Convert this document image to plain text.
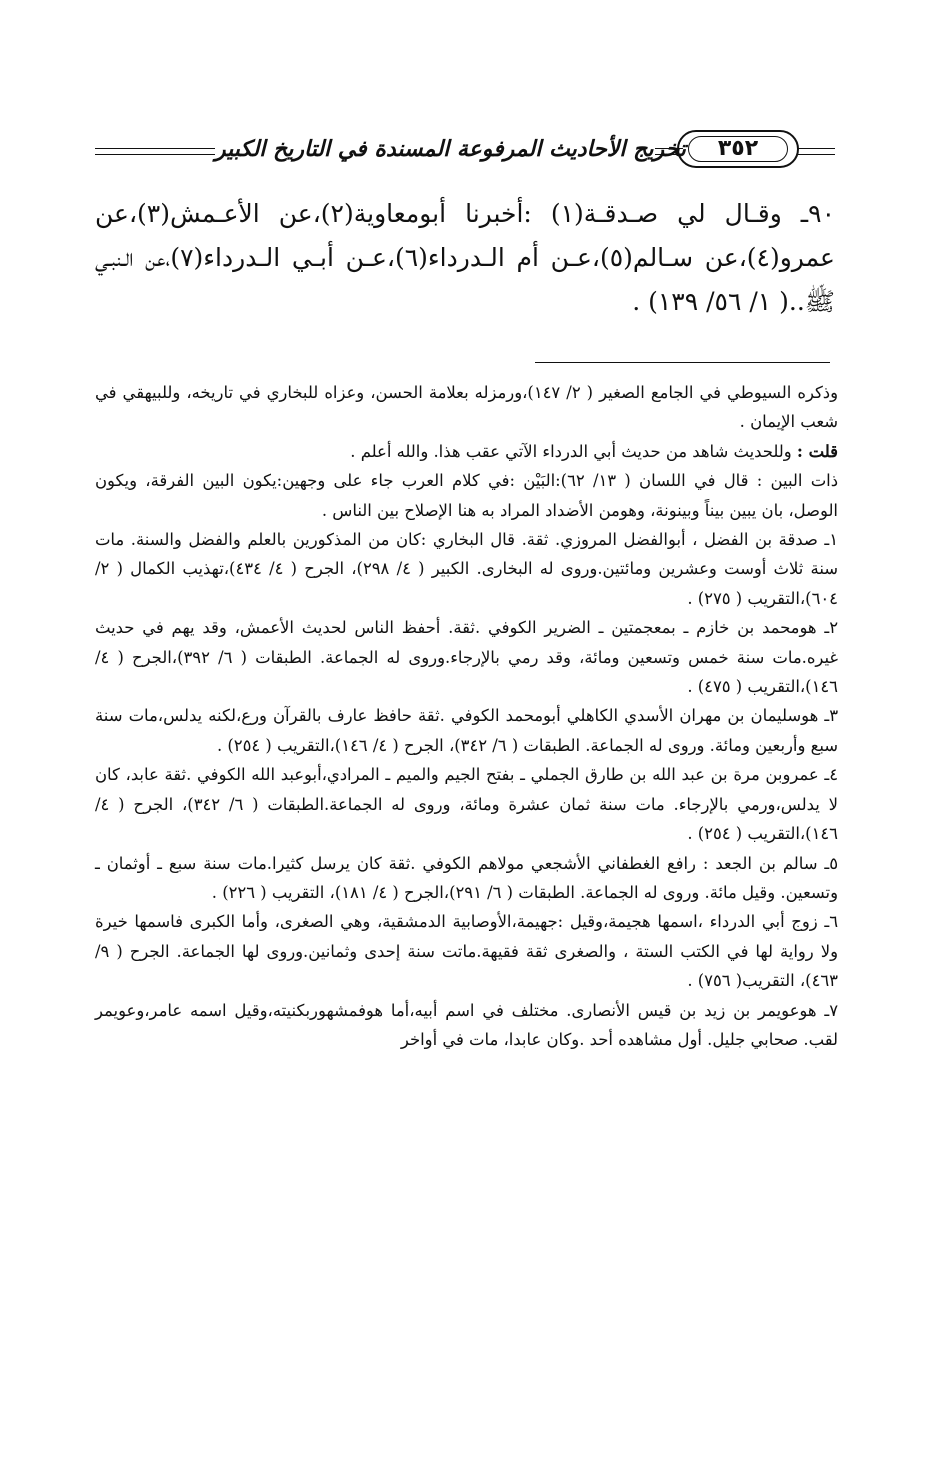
تخريج الأحاديث المرفوعة المسندة في التاريخ الكبير ٣٥٢

٩٠ـ وقـال لي صـدقـة(١) :أخبرنا أبومعاوية(٢)،عن الأعـمش(٣)،عن عمرو(٤)،عن سـالم(٥)،عـن أم الـدرداء(٦)،عـن أبـي الـدرداء(٧)،عن الـنبـي ﷺ..( ١/ ٥٦/ ١٣٩) .

وذكره السيوطي في الجامع الصغير ( ٢/ ١٤٧)،ورمزله بعلامة الحسن، وعزاه للبخاري في تاريخه، وللبيهقي في شعب الإيمان .

قلت : وللحديث شاهد من حديث أبي الدرداء الآتي عقب هذا. والله أعلم .

ذات البين : قال في اللسان ( ١٣/ ٦٢):البَيْن :في كلام العرب جاء على وجهين:يكون البين الفرقة، ويكون الوصل، بان يبين بيناً وبينونة، وهومن الأضداد المراد به هنا الإصلاح بين الناس .

١ـ صدقة بن الفضل ، أبوالفضل المروزي. ثقة. قال البخاري :كان من المذكورين بالعلم والفضل والسنة. مات سنة ثلاث أوست وعشرين ومائتين.وروى له البخارى. الكبير ( ٤/ ٢٩٨)، الجرح ( ٤/ ٤٣٤)،تهذيب الكمال ( ٢/ ٦٠٤)،التقريب ( ٢٧٥) .

٢ـ هومحمد بن خازم ـ بمعجمتين ـ الضرير الكوفي .ثقة. أحفظ الناس لحديث الأعمش، وقد يهم في حديث غيره.مات سنة خمس وتسعين ومائة، وقد رمي بالإرجاء.وروى له الجماعة. الطبقات ( ٦/ ٣٩٢)،الجرح ( ٤/ ١٤٦)،التقريب ( ٤٧٥) .

٣ـ هوسليمان بن مهران الأسدي الكاهلي أبومحمد الكوفي .ثقة حافظ عارف بالقرآن ورع،لكنه يدلس،مات سنة سبع وأربعين ومائة. وروى له الجماعة. الطبقات ( ٦/ ٣٤٢)، الجرح ( ٤/ ١٤٦)،التقريب ( ٢٥٤) .

٤ـ عمروبن مرة بن عبد الله بن طارق الجملي ـ بفتح الجيم والميم ـ المرادي،أبوعبد الله الكوفي .ثقة عابد، كان لا يدلس،ورمي بالإرجاء. مات سنة ثمان عشرة ومائة، وروى له الجماعة.الطبقات ( ٦/ ٣٤٢)، الجرح ( ٤/ ١٤٦)،التقريب ( ٢٥٤) .

٥ـ سالم بن الجعد : رافع الغطفاني الأشجعي مولاهم الكوفي .ثقة كان يرسل كثيرا.مات سنة سبع ـ أوثمان ـ وتسعين. وقيل مائة. وروى له الجماعة. الطبقات ( ٦/ ٢٩١)،الجرح ( ٤/ ١٨١)، التقريب ( ٢٢٦) .

٦ـ زوج أبي الدرداء ،اسمها هجيمة،وقيل :جهيمة،الأوصابية الدمشقية، وهي الصغرى، وأما الكبرى فاسمها خيرة ولا رواية لها في الكتب الستة ، والصغرى ثقة فقيهة.ماتت سنة إحدى وثمانين.وروى لها الجماعة. الجرح ( ٩/ ٤٦٣)، التقريب( ٧٥٦) .

٧ـ هوعويمر بن زيد بن قيس الأنصارى. مختلف في اسم أبيه،أما هوفمشهوربكنيته،وقيل اسمه عامر،وعويمر لقب. صحابي جليل. أول مشاهده أحد .وكان عابدا، مات في أواخر
